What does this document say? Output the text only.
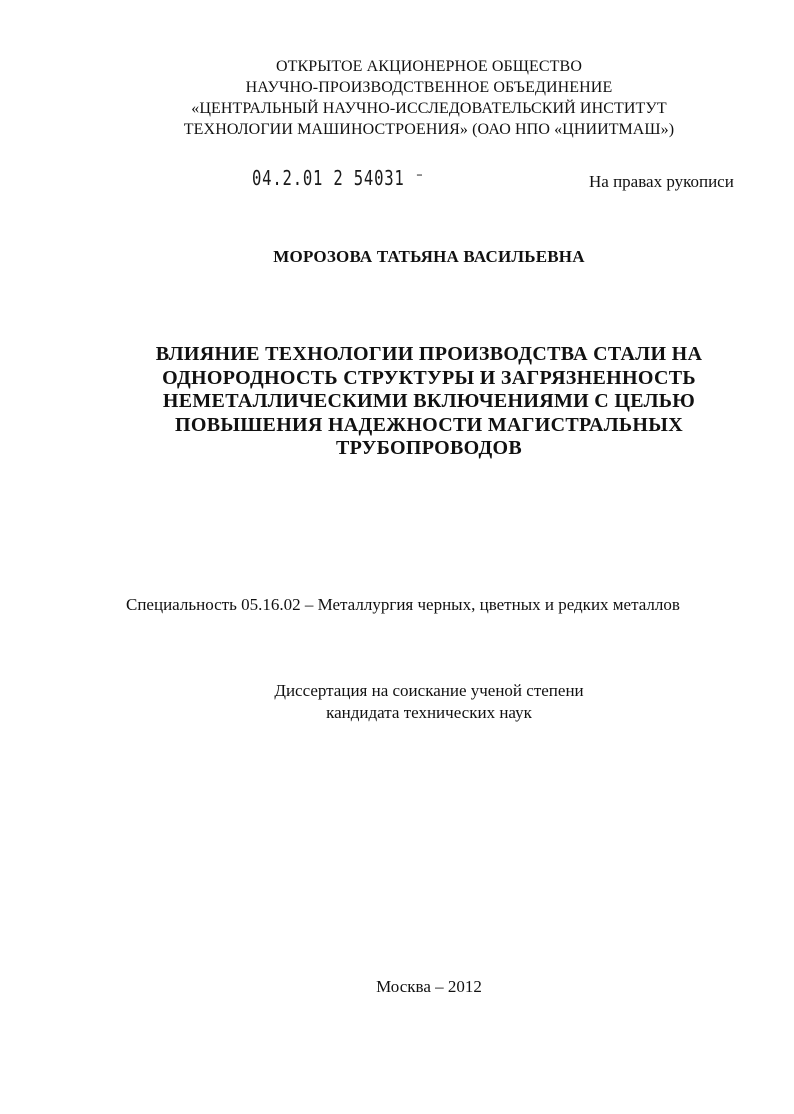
ОТКРЫТОЕ АКЦИОНЕРНОЕ ОБЩЕСТВО
НАУЧНО-ПРОИЗВОДСТВЕННОЕ ОБЪЕДИНЕНИЕ
«ЦЕНТРАЛЬНЫЙ НАУЧНО-ИССЛЕДОВАТЕЛЬСКИЙ ИНСТИТУТ
ТЕХНОЛОГИИ МАШИНОСТРОЕНИЯ» (ОАО НПО «ЦНИИТМАШ»)
04.2.01 2 54031 ⁻	На правах рукописи
МОРОЗОВА ТАТЬЯНА ВАСИЛЬЕВНА
ВЛИЯНИЕ ТЕХНОЛОГИИ ПРОИЗВОДСТВА СТАЛИ НА
ОДНОРОДНОСТЬ СТРУКТУРЫ И ЗАГРЯЗНЕННОСТЬ
НЕМЕТАЛЛИЧЕСКИМИ ВКЛЮЧЕНИЯМИ С ЦЕЛЬЮ
ПОВЫШЕНИЯ НАДЕЖНОСТИ МАГИСТРАЛЬНЫХ
ТРУБОПРОВОДОВ
Специальность 05.16.02 – Металлургия черных, цветных и редких металлов
Диссертация на соискание ученой степени
кандидата технических наук
Москва – 2012
